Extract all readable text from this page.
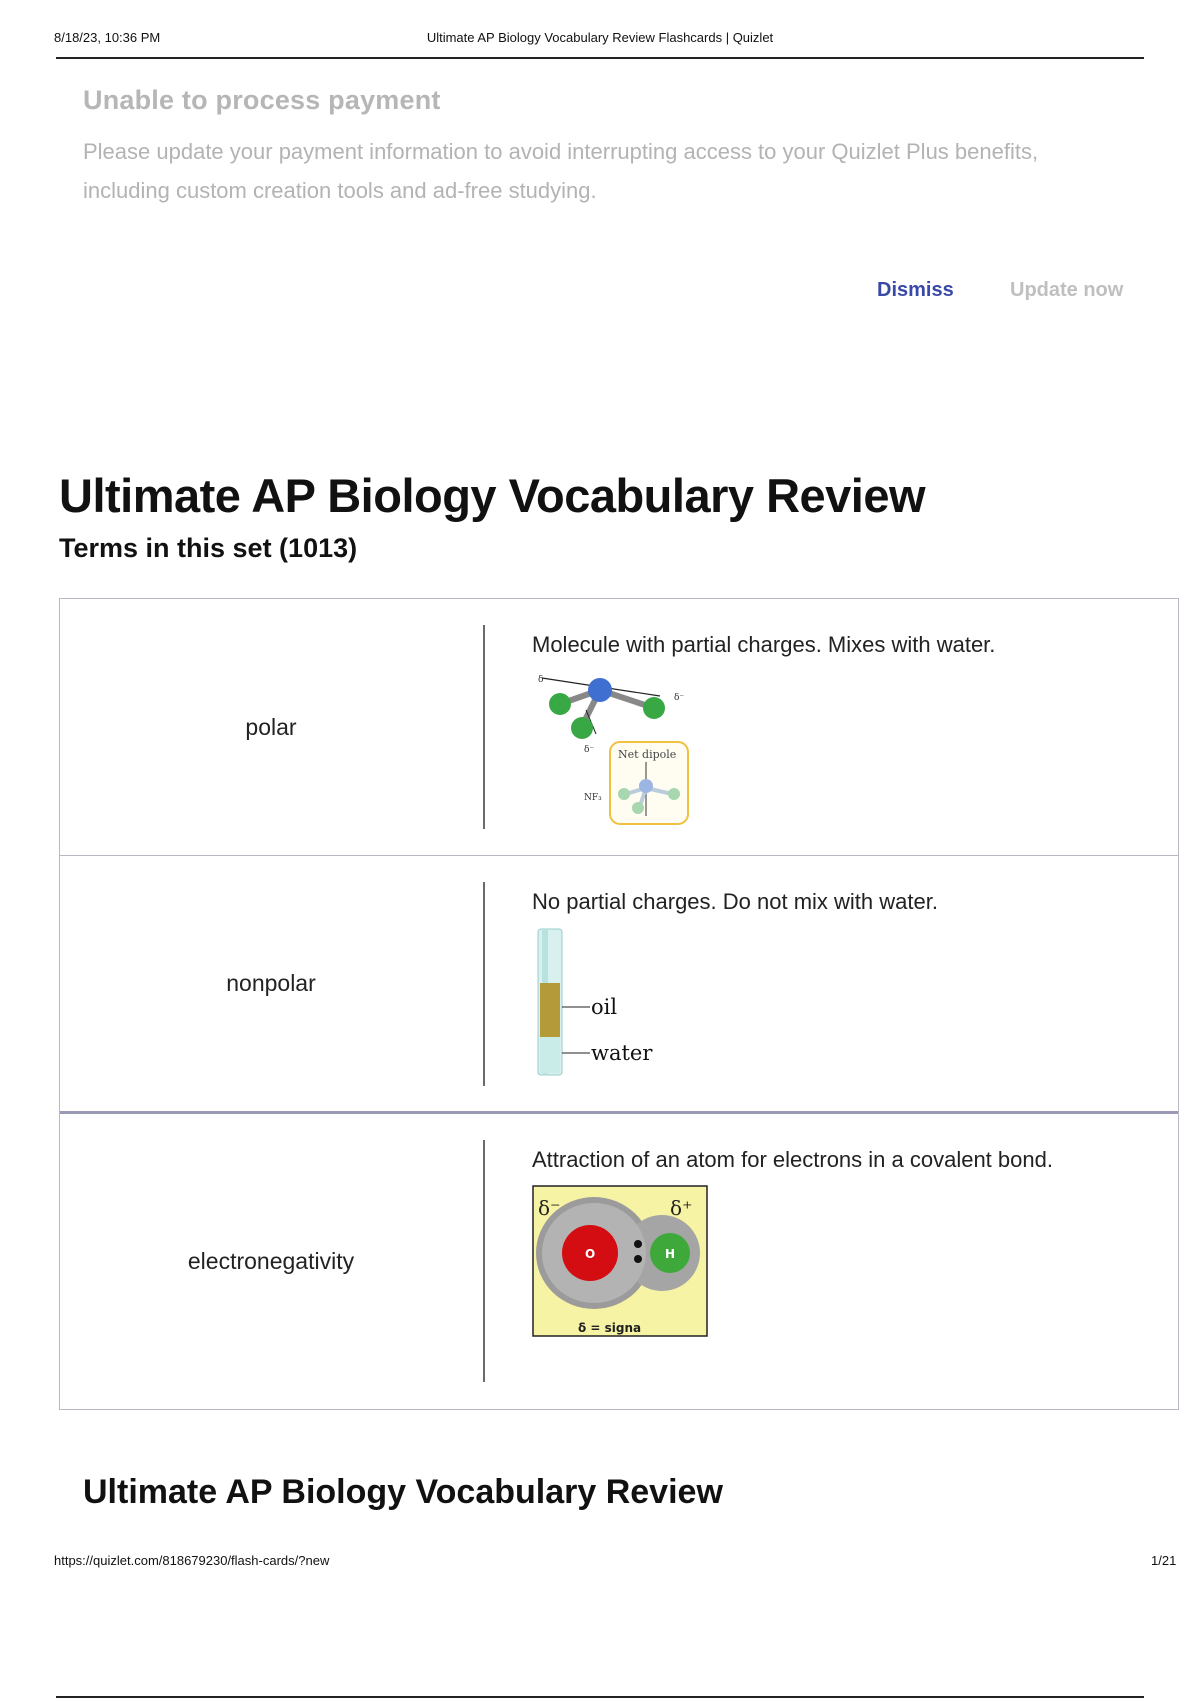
8/18/23, 10:36 PM	Ultimate AP Biology Vocabulary Review Flashcards | Quizlet
Unable to process payment
Please update your payment information to avoid interrupting access to your Quizlet Plus benefits, including custom creation tools and ad-free studying.
Dismiss	Update now
Ultimate AP Biology Vocabulary Review
Terms in this set (1013)
polar
Molecule with partial charges. Mixes with water.
δ
δ⁻
δ⁻
NF₃
Net dipole
nonpolar
No partial charges. Do not mix with water.
oil
water
electronegativity
Attraction of an atom for electrons in a covalent bond.
O	H
δ⁻	δ⁺
δ = signa
Ultimate AP Biology Vocabulary Review
https://quizlet.com/818679230/flash-cards/?new	1/21
